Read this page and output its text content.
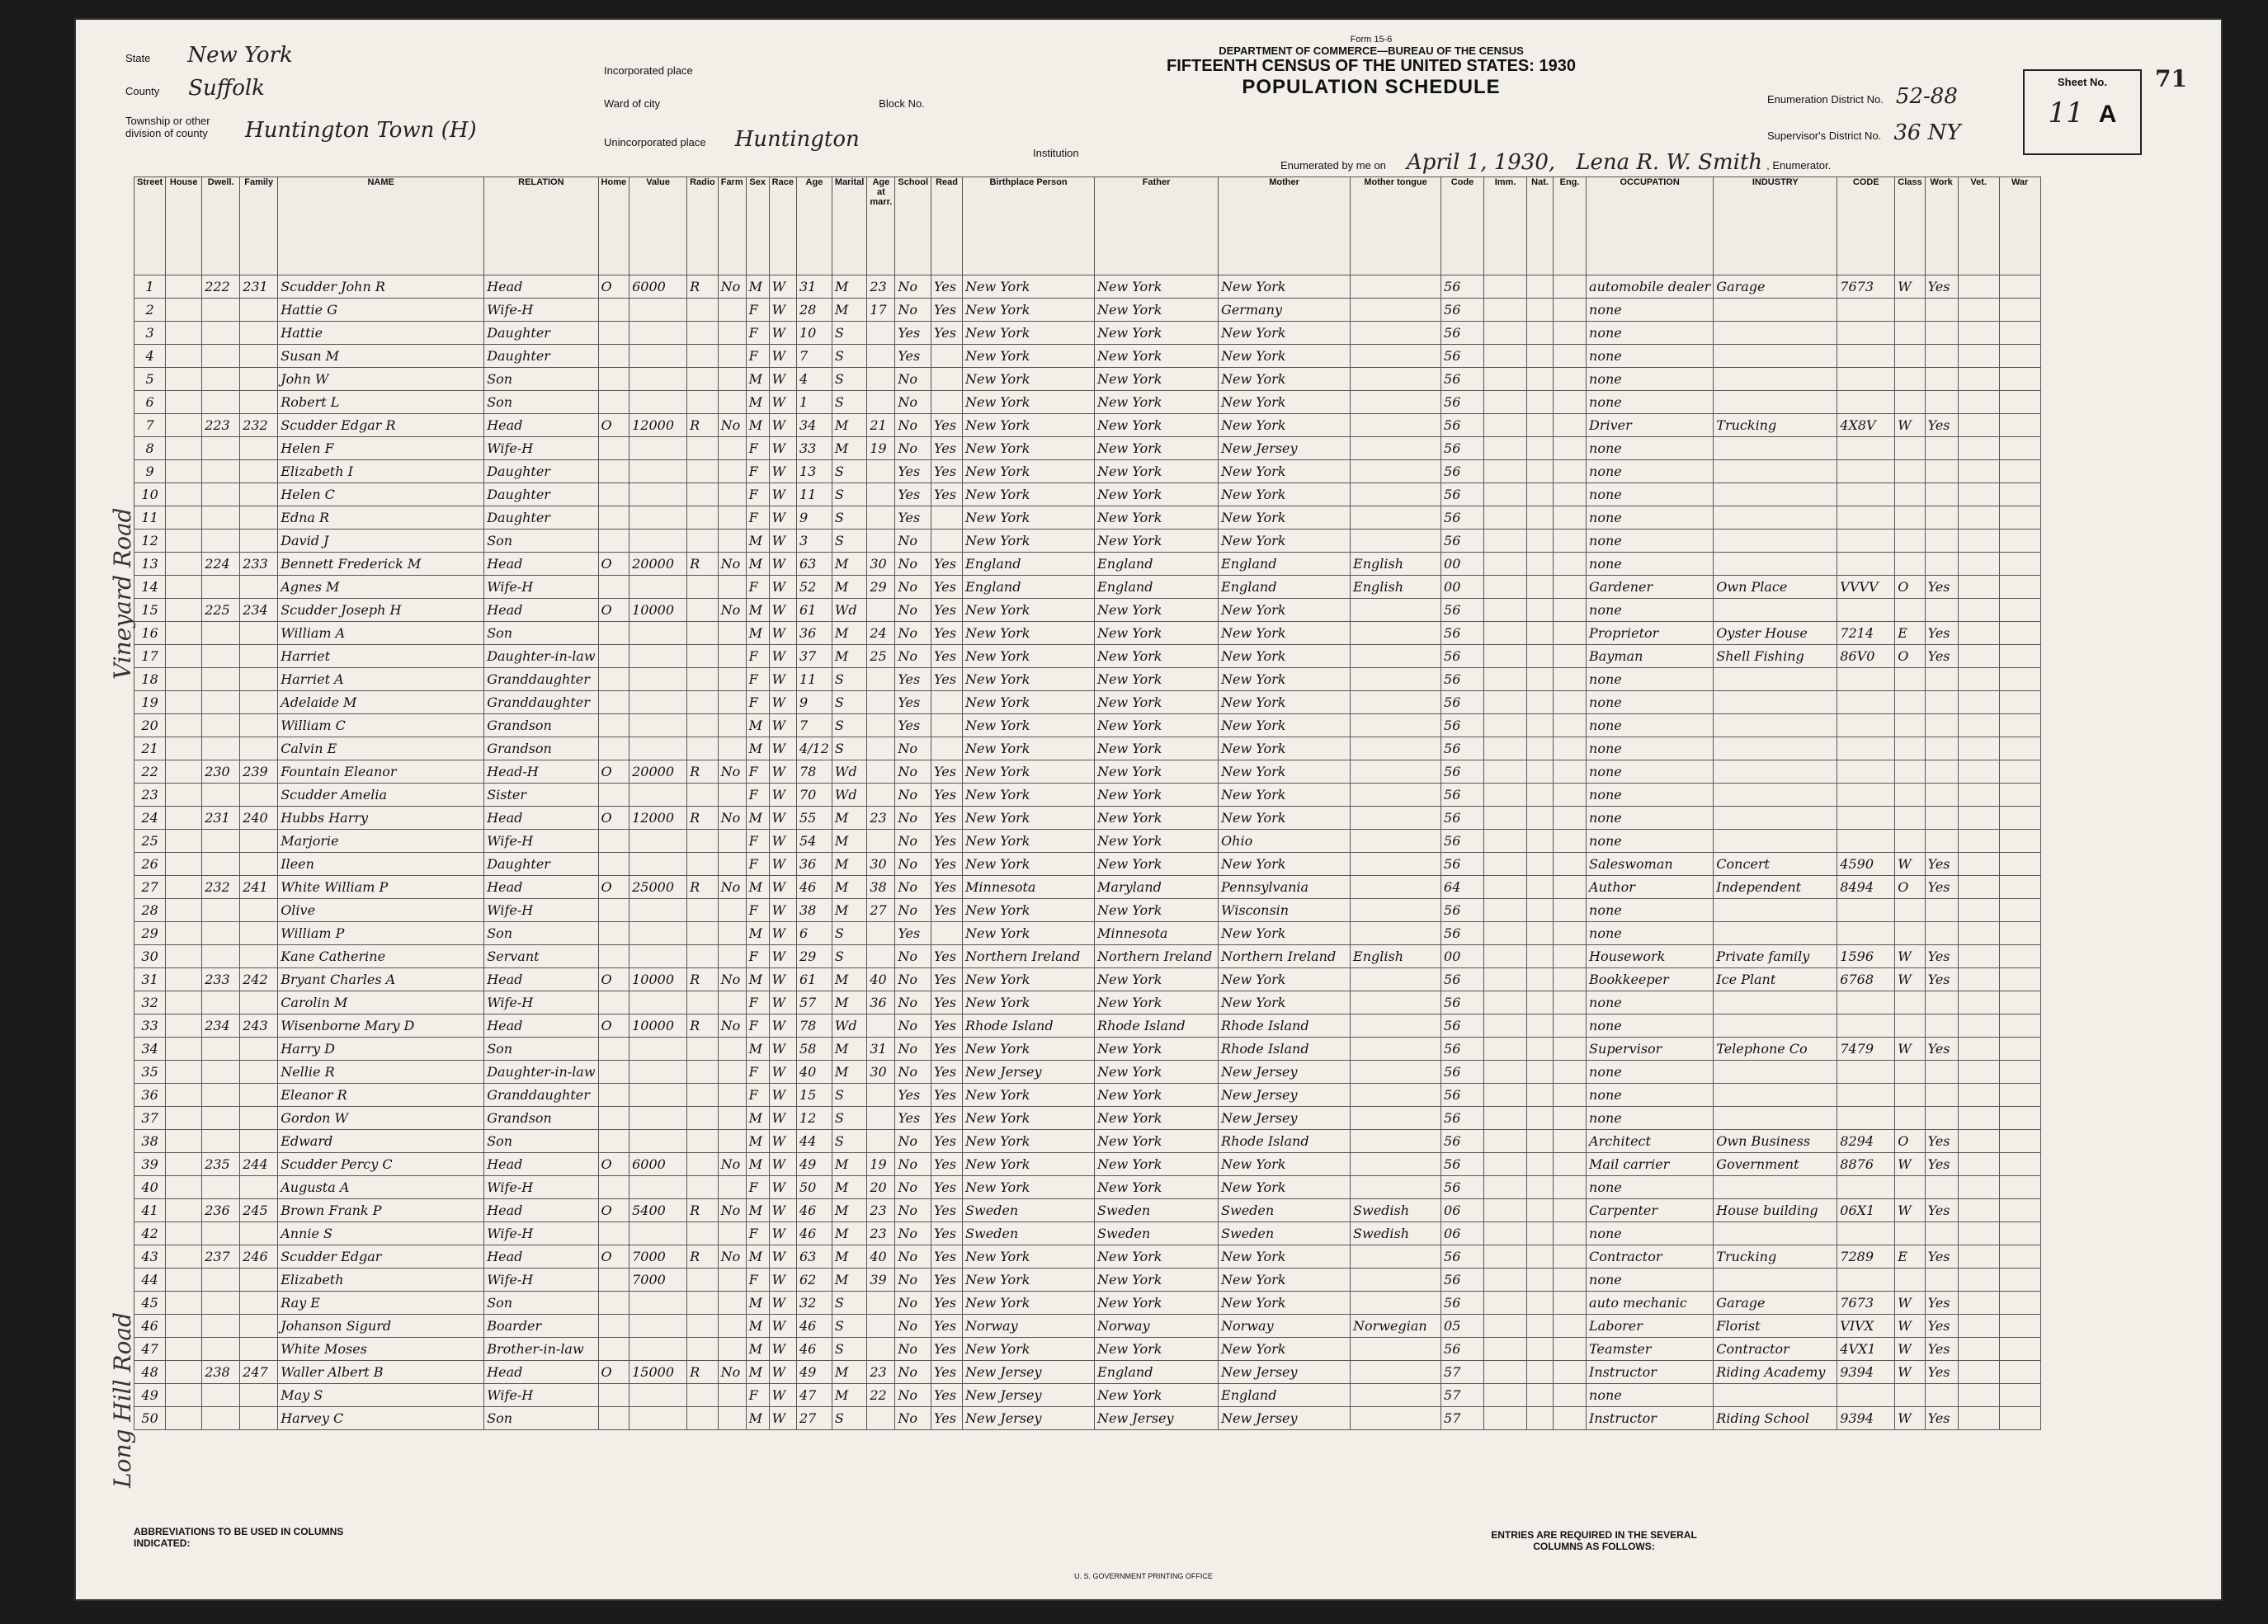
State New York
County Suffolk
Township or other division of county Huntington Town (H)
Incorporated place
Ward of city	Block No.
Unincorporated place Huntington
Institution
Form 15-6
DEPARTMENT OF COMMERCE—BUREAU OF THE CENSUS
FIFTEENTH CENSUS OF THE UNITED STATES: 1930
POPULATION SCHEDULE
Enumeration District No. 52-88
Supervisor's District No. 36 NY
Sheet No.
11 A
71
Enumerated by me on April 1, 1930, Lena R. W. Smith , Enumerator.
Vineyard Road
Long Hill Road
Street	House	Dwell.	Family	NAME	RELATION	Home	Value	Radio	Farm	Sex	Race	Age	Marital	Age at marr.	School	Read	Birthplace Person	Father	Mother	Mother tongue	Code	Imm.	Nat.	Eng.	OCCUPATION	INDUSTRY	CODE	Class	Work	Vet.	War
1		222	231	Scudder John R	Head	O	6000	R	No	M	W	31	M	23	No	Yes	New York	New York	New York		56				automobile dealer	Garage	7673	W	Yes		
2				Hattie G	Wife-H					F	W	28	M	17	No	Yes	New York	New York	Germany		56				none						
3				Hattie	Daughter					F	W	10	S		Yes	Yes	New York	New York	New York		56				none						
4				Susan M	Daughter					F	W	7	S		Yes		New York	New York	New York		56				none						
5				John W	Son					M	W	4	S		No		New York	New York	New York		56				none						
6				Robert L	Son					M	W	1	S		No		New York	New York	New York		56				none						
7		223	232	Scudder Edgar R	Head	O	12000	R	No	M	W	34	M	21	No	Yes	New York	New York	New York		56				Driver	Trucking	4X8V	W	Yes		
8				Helen F	Wife-H					F	W	33	M	19	No	Yes	New York	New York	New Jersey		56				none						
9				Elizabeth I	Daughter					F	W	13	S		Yes	Yes	New York	New York	New York		56				none						
10				Helen C	Daughter					F	W	11	S		Yes	Yes	New York	New York	New York		56				none						
11				Edna R	Daughter					F	W	9	S		Yes		New York	New York	New York		56				none						
12				David J	Son					M	W	3	S		No		New York	New York	New York		56				none						
13		224	233	Bennett Frederick M	Head	O	20000	R	No	M	W	63	M	30	No	Yes	England	England	England	English	00				none						
14				Agnes M	Wife-H					F	W	52	M	29	No	Yes	England	England	England	English	00				Gardener	Own Place	VVVV	O	Yes		
15		225	234	Scudder Joseph H	Head	O	10000		No	M	W	61	Wd		No	Yes	New York	New York	New York		56				none						
16				William A	Son					M	W	36	M	24	No	Yes	New York	New York	New York		56				Proprietor	Oyster House	7214	E	Yes		
17				Harriet	Daughter-in-law					F	W	37	M	25	No	Yes	New York	New York	New York		56				Bayman	Shell Fishing	86V0	O	Yes		
18				Harriet A	Granddaughter					F	W	11	S		Yes	Yes	New York	New York	New York		56				none						
19				Adelaide M	Granddaughter					F	W	9	S		Yes		New York	New York	New York		56				none						
20				William C	Grandson					M	W	7	S		Yes		New York	New York	New York		56				none						
21				Calvin E	Grandson					M	W	4/12	S		No		New York	New York	New York		56				none						
22		230	239	Fountain Eleanor	Head-H	O	20000	R	No	F	W	78	Wd		No	Yes	New York	New York	New York		56				none						
23				Scudder Amelia	Sister					F	W	70	Wd		No	Yes	New York	New York	New York		56				none						
24		231	240	Hubbs Harry	Head	O	12000	R	No	M	W	55	M	23	No	Yes	New York	New York	New York		56				none						
25				Marjorie	Wife-H					F	W	54	M		No	Yes	New York	New York	Ohio		56				none						
26				Ileen	Daughter					F	W	36	M	30	No	Yes	New York	New York	New York		56				Saleswoman	Concert	4590	W	Yes		
27		232	241	White William P	Head	O	25000	R	No	M	W	46	M	38	No	Yes	Minnesota	Maryland	Pennsylvania		64				Author	Independent	8494	O	Yes		
28				Olive	Wife-H					F	W	38	M	27	No	Yes	New York	New York	Wisconsin		56				none						
29				William P	Son					M	W	6	S		Yes		New York	Minnesota	New York		56				none						
30				Kane Catherine	Servant					F	W	29	S		No	Yes	Northern Ireland	Northern Ireland	Northern Ireland	English	00				Housework	Private family	1596	W	Yes		
31		233	242	Bryant Charles A	Head	O	10000	R	No	M	W	61	M	40	No	Yes	New York	New York	New York		56				Bookkeeper	Ice Plant	6768	W	Yes		
32				Carolin M	Wife-H					F	W	57	M	36	No	Yes	New York	New York	New York		56				none						
33		234	243	Wisenborne Mary D	Head	O	10000	R	No	F	W	78	Wd		No	Yes	Rhode Island	Rhode Island	Rhode Island		56				none						
34				Harry D	Son					M	W	58	M	31	No	Yes	New York	New York	Rhode Island		56				Supervisor	Telephone Co	7479	W	Yes		
35				Nellie R	Daughter-in-law					F	W	40	M	30	No	Yes	New Jersey	New York	New Jersey		56				none						
36				Eleanor R	Granddaughter					F	W	15	S		Yes	Yes	New York	New York	New Jersey		56				none						
37				Gordon W	Grandson					M	W	12	S		Yes	Yes	New York	New York	New Jersey		56				none						
38				Edward	Son					M	W	44	S		No	Yes	New York	New York	Rhode Island		56				Architect	Own Business	8294	O	Yes		
39		235	244	Scudder Percy C	Head	O	6000		No	M	W	49	M	19	No	Yes	New York	New York	New York		56				Mail carrier	Government	8876	W	Yes		
40				Augusta A	Wife-H					F	W	50	M	20	No	Yes	New York	New York	New York		56				none						
41		236	245	Brown Frank P	Head	O	5400	R	No	M	W	46	M	23	No	Yes	Sweden	Sweden	Sweden	Swedish	06				Carpenter	House building	06X1	W	Yes		
42				Annie S	Wife-H					F	W	46	M	23	No	Yes	Sweden	Sweden	Sweden	Swedish	06				none						
43		237	246	Scudder Edgar	Head	O	7000	R	No	M	W	63	M	40	No	Yes	New York	New York	New York		56				Contractor	Trucking	7289	E	Yes		
44				Elizabeth	Wife-H		7000			F	W	62	M	39	No	Yes	New York	New York	New York		56				none						
45				Ray E	Son					M	W	32	S		No	Yes	New York	New York	New York		56				auto mechanic	Garage	7673	W	Yes		
46				Johanson Sigurd	Boarder					M	W	46	S		No	Yes	Norway	Norway	Norway	Norwegian	05				Laborer	Florist	VIVX	W	Yes		
47				White Moses	Brother-in-law					M	W	46	S		No	Yes	New York	New York	New York		56				Teamster	Contractor	4VX1	W	Yes		
48		238	247	Waller Albert B	Head	O	15000	R	No	M	W	49	M	23	No	Yes	New Jersey	England	New Jersey		57				Instructor	Riding Academy	9394	W	Yes		
49				May S	Wife-H					F	W	47	M	22	No	Yes	New Jersey	New York	England		57				none						
50				Harvey C	Son					M	W	27	S		No	Yes	New Jersey	New Jersey	New Jersey		57				Instructor	Riding School	9394	W	Yes		
ABBREVIATIONS TO BE USED IN COLUMNS INDICATED:
ENTRIES ARE REQUIRED IN THE SEVERAL COLUMNS AS FOLLOWS:
U. S. GOVERNMENT PRINTING OFFICE
